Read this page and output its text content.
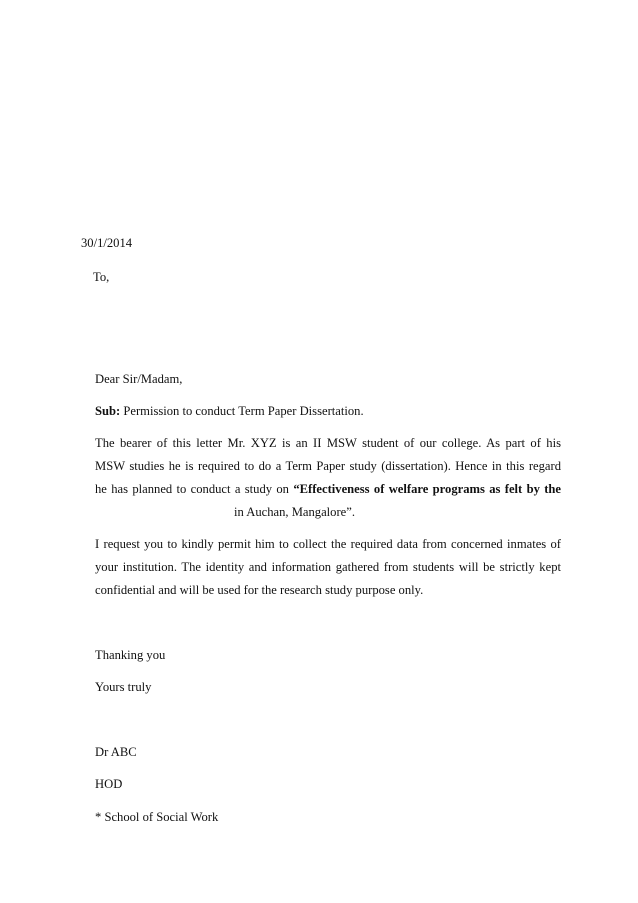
30/1/2014
To,
Dear Sir/Madam,
Sub: Permission to conduct Term Paper Dissertation.
The bearer of this letter Mr. XYZ is an II MSW student of our college. As part of his
MSW studies he is required to do a Term Paper study (dissertation). Hence in this regard
he has planned to conduct a study on “Effectiveness of welfare programs as felt by the
in Auchan, Mangalore”.
I request you to kindly permit him to collect the required data from concerned inmates of
your institution. The identity and information gathered from students will be strictly kept
confidential and will be used for the research study purpose only.
Thanking you
Yours truly
Dr ABC
HOD
* School of Social Work
